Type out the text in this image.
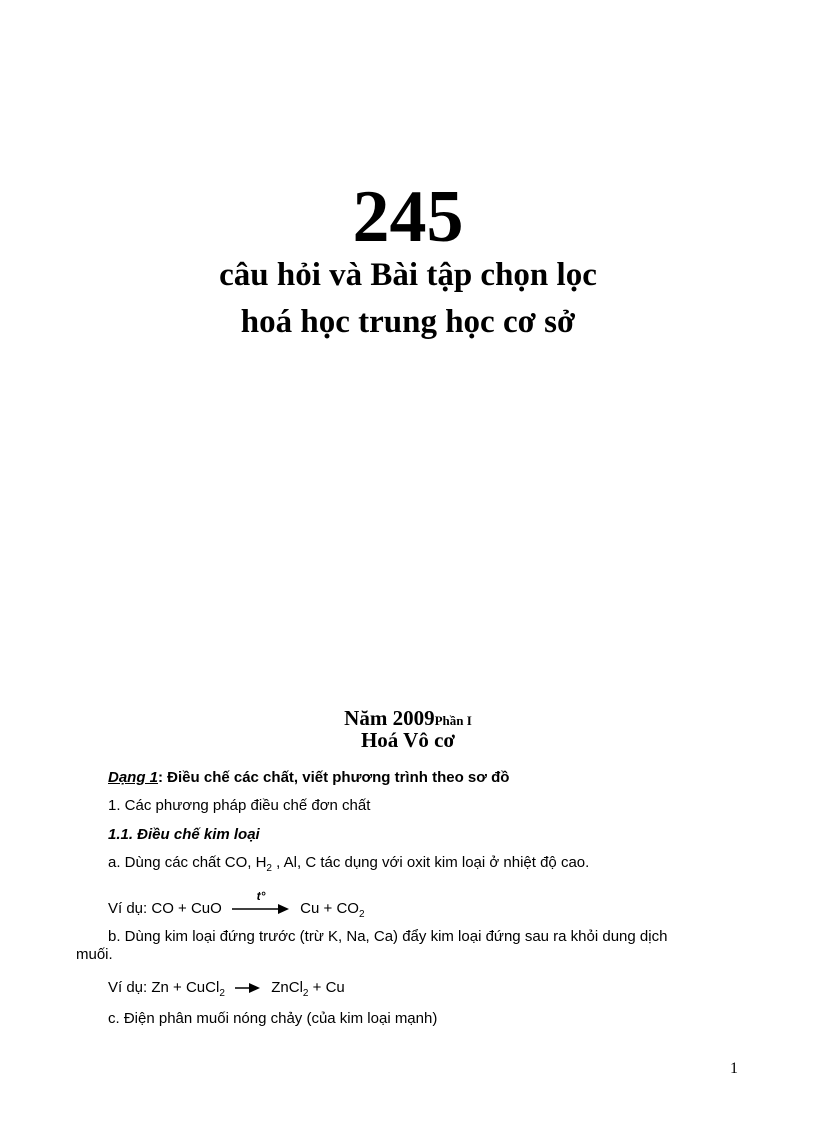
245
câu hỏi và Bài tập chọn lọc
hoá học trung học cơ sở
Năm 2009Phần I
Hoá Vô cơ
Dạng 1: Điều chế các chất, viết phương trình theo sơ đồ
1. Các phương pháp điều chế đơn chất
1.1. Điều chế kim loại
a. Dùng các chất CO, $H_2$ , Al, C tác dụng với oxit kim loại ở nhiệt độ cao.
Ví dụ: CO + CuO
t°
$Cu + CO_2$
b. Dùng kim loại đứng trước (trừ K, Na, Ca) đẩy kim loại đứng sau ra khỏi dung dịch
muối.
Ví dụ: Zn + CuCl$_2$ → ZnCl$_2$ + Cu
c. Điện phân muối nóng chảy (của kim loại mạnh)
1
